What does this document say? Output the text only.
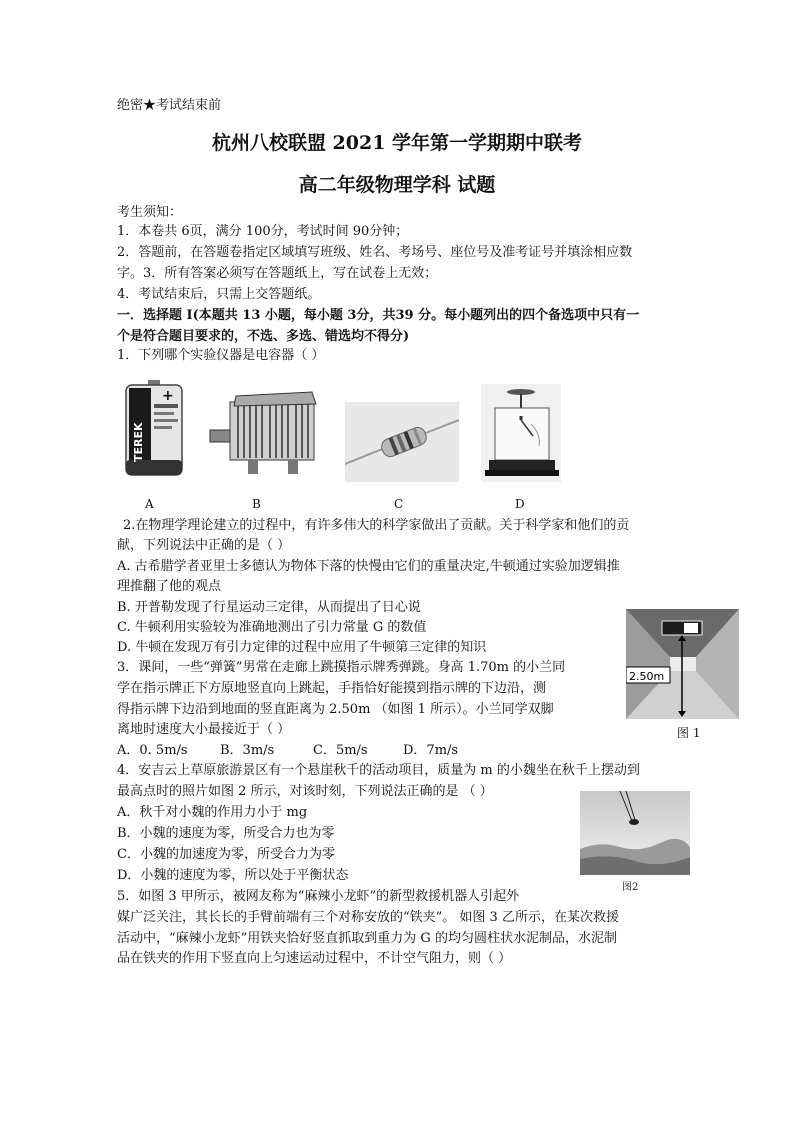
绝密★考试结束前
杭州八校联盟 2021 学年第一学期期中联考
高二年级物理学科 试题
考生须知：
1．本卷共 6页，满分 100分，考试时间 90分钟；
2．答题前，在答题卷指定区域填写班级、姓名、考场号、座位号及准考证号并填涂相应数
字。3．所有答案必须写在答题纸上，写在试卷上无效；
4．考试结束后，只需上交答题纸。
一．选择题 I(本题共 13 小题，每小题 3分，共39 分。每小题列出的四个备选项中只有一
个是符合题目要求的，不选、多选、错选均不得分)
1．下列哪个实验仪器是电容器（ ）
+
TEREK
A	B	C	D
2.在物理学理论建立的过程中，有许多伟大的科学家做出了贡献。关于科学家和他们的贡
献，下列说法中正确的是（ ）
A. 古希腊学者亚里士多德认为物体下落的快慢由它们的重量决定,牛顿通过实验加逻辑推
理推翻了他的观点
B. 开普勒发现了行星运动三定律，从而提出了日心说
C. 牛顿利用实验较为准确地测出了引力常量 G 的数值
D. 牛顿在发现万有引力定律的过程中应用了牛顿第三定律的知识
2.50m
图 1
3．课间，一些“弹簧”男常在走廊上跳摸指示牌秀弹跳。身高 1.70m 的小兰同
学在指示牌正下方原地竖直向上跳起，手指恰好能摸到指示牌的下边沿，测
得指示牌下边沿到地面的竖直距离为 2.50m （如图 1 所示）。小兰同学双脚
离地时速度大小最接近于（ ）
A．0. 5m/s B．3m/s	C．5m/s	D．7m/s
4．安吉云上草原旅游景区有一个悬崖秋千的活动项目，质量为 m 的小魏坐在秋千上摆动到
最高点时的照片如图 2 所示，对该时刻，下列说法正确的是 （ ）
A．秋千对小魏的作用力小于 mg
B．小魏的速度为零，所受合力也为零
C．小魏的加速度为零，所受合力为零
D．小魏的速度为零，所以处于平衡状态
图2
5．如图 3 甲所示，被网友称为“麻辣小龙虾”的新型救援机器人引起外
媒广泛关注，其长长的手臂前端有三个对称安放的“铁夹”。 如图 3 乙所示，在某次救援
活动中，“麻辣小龙虾”用铁夹恰好竖直抓取到重力为 G 的均匀圆柱状水泥制品，水泥制
品在铁夹的作用下竖直向上匀速运动过程中，不计空气阻力，则（ ）
